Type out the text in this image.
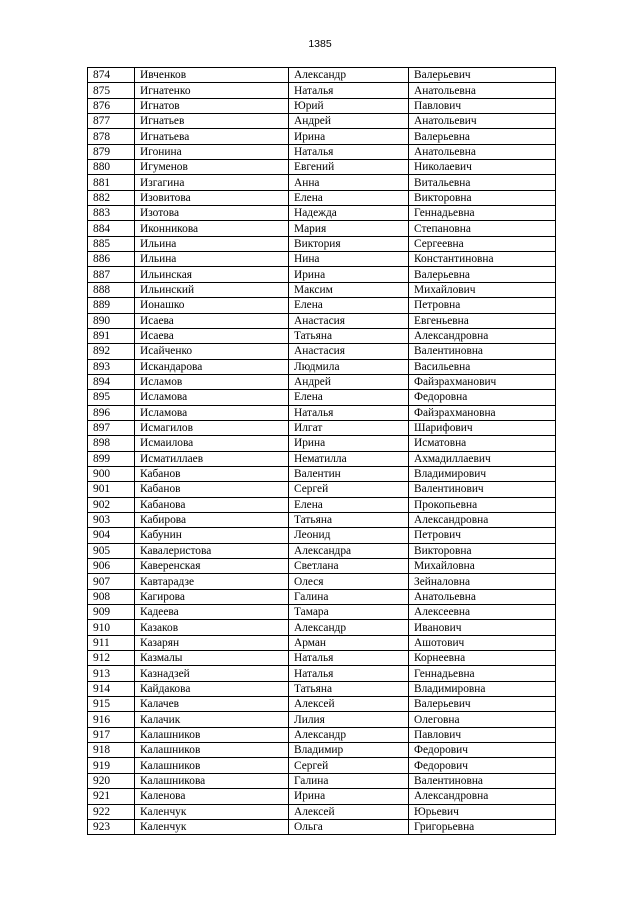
1385
874	Ивченков	Александр	Валерьевич
875	Игнатенко	Наталья	Анатольевна
876	Игнатов	Юрий	Павлович
877	Игнатьев	Андрей	Анатольевич
878	Игнатьева	Ирина	Валерьевна
879	Игонина	Наталья	Анатольевна
880	Игуменов	Евгений	Николаевич
881	Изгагина	Анна	Витальевна
882	Изовитова	Елена	Викторовна
883	Изотова	Надежда	Геннадьевна
884	Иконникова	Мария	Степановна
885	Ильина	Виктория	Сергеевна
886	Ильина	Нина	Константиновна
887	Ильинская	Ирина	Валерьевна
888	Ильинский	Максим	Михайлович
889	Ионашко	Елена	Петровна
890	Исаева	Анастасия	Евгеньевна
891	Исаева	Татьяна	Александровна
892	Исайченко	Анастасия	Валентиновна
893	Искандарова	Людмила	Васильевна
894	Исламов	Андрей	Файзрахманович
895	Исламова	Елена	Федоровна
896	Исламова	Наталья	Файзрахмановна
897	Исмагилов	Илгат	Шарифович
898	Исмаилова	Ирина	Исматовна
899	Исматиллаев	Нематилла	Ахмадиллаевич
900	Кабанов	Валентин	Владимирович
901	Кабанов	Сергей	Валентинович
902	Кабанова	Елена	Прокопьевна
903	Кабирова	Татьяна	Александровна
904	Кабунин	Леонид	Петрович
905	Кавалеристова	Александра	Викторовна
906	Каверенская	Светлана	Михайловна
907	Кавтарадзе	Олеся	Зейналовна
908	Кагирова	Галина	Анатольевна
909	Кадеева	Тамара	Алексеевна
910	Казаков	Александр	Иванович
911	Казарян	Арман	Ашотович
912	Казмалы	Наталья	Корнеевна
913	Казнадзей	Наталья	Геннадьевна
914	Кайдакова	Татьяна	Владимировна
915	Калачев	Алексей	Валерьевич
916	Калачик	Лилия	Олеговна
917	Калашников	Александр	Павлович
918	Калашников	Владимир	Федорович
919	Калашников	Сергей	Федорович
920	Калашникова	Галина	Валентиновна
921	Каленова	Ирина	Александровна
922	Каленчук	Алексей	Юрьевич
923	Каленчук	Ольга	Григорьевна
